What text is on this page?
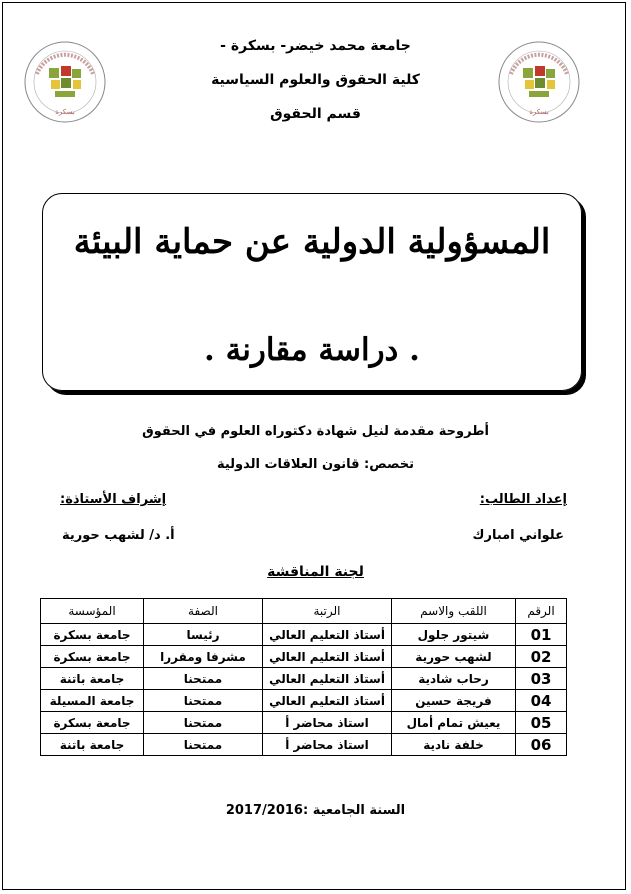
بسكرة	بسكرة
جامعة محمد خيضر- بسكرة -
كلية الحقوق والعلوم السياسية
قسم الحقوق
المسؤولية الدولية عن حماية البيئة
. دراسة مقارنة .
أطروحة مقدمة لنيل شهادة دكتوراه العلوم في الحقوق
تخصص: قانون العلاقات الدولية
إعداد الطالب:
إشراف الأستاذة:
علواني امبارك
أ. د/ لشهب حورية
لجنة المناقشة
الرقم	اللقب والاسم	الرتبة	الصفة	المؤسسة
01	شيتور جلول	أستاذ التعليم العالي	رئيسا	جامعة بسكرة
02	لشهب حورية	أستاذ التعليم العالي	مشرفا ومقررا	جامعة بسكرة
03	رحاب شادية	أستاذ التعليم العالي	ممتحنا	جامعة باتنة
04	فريجة حسين	أستاذ التعليم العالي	ممتحنا	جامعة المسيلة
05	يعيش تمام أمال	استاذ محاضر أ	ممتحنا	جامعة بسكرة
06	خلفة نادية	استاذ محاضر أ	ممتحنا	جامعة باتنة
السنة الجامعية :2017/2016
